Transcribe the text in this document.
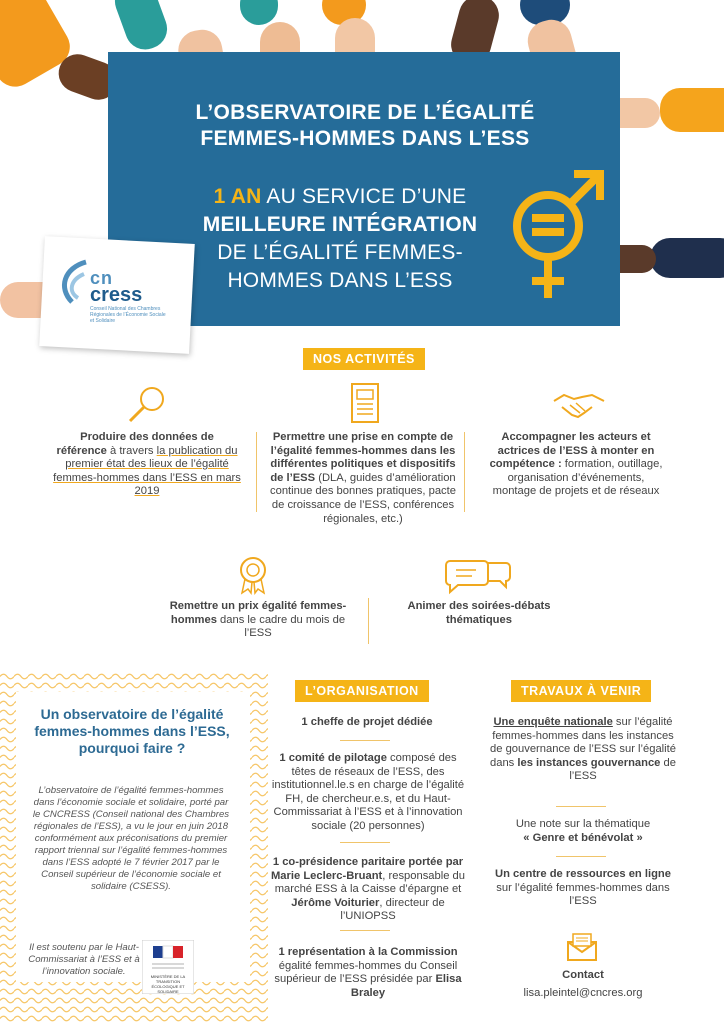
L’OBSERVATOIRE DE L’ÉGALITÉ
FEMMES-HOMMES DANS L’ESS
1 AN AU SERVICE D’UNE
MEILLEURE INTÉGRATION
DE L’ÉGALITÉ FEMMES-HOMMES DANS L’ESS
cn
cress
Conseil National des Chambres Régionales de l’Économie Sociale et Solidaire
NOS ACTIVITÉS
Produire des données de
référence à travers la publication du premier état des lieux de l’égalité femmes-hommes dans l’ESS en mars 2019
Permettre une prise en compte de l’égalité femmes-hommes dans les différentes politiques et dispositifs de l’ESS (DLA, guides d’amélioration continue des bonnes pratiques, pacte de croissance de l’ESS, conférences régionales, etc.)
Accompagner les acteurs et actrices de l’ESS à monter en compétence : formation, outillage, organisation d’événements, montage de projets et de réseaux
Remettre un prix égalité femmes-hommes dans le cadre du mois de l’ESS
Animer des soirées-débats thématiques
Un observatoire de l’égalité femmes-hommes dans l’ESS, pourquoi faire ?
L’observatoire de l’égalité femmes-hommes dans l’économie sociale et solidaire, porté par le CNCRESS (Conseil national des Chambres régionales de l’ESS), a vu le jour en juin 2018 conformément aux préconisations du premier rapport triennal sur l’égalité femmes-hommes dans l’ESS adopté le 7 février 2017 par le Conseil supérieur de l’économie sociale et solidaire (CSESS).
Il est soutenu par le Haut-Commissariat à l’ESS et à l’innovation sociale.	MINISTÈRE DE LA TRANSITION ÉCOLOGIQUE ET SOLIDAIRE
L’ORGANISATION
1 cheffe de projet dédiée
1 comité de pilotage composé des têtes de réseaux de l’ESS, des institutionnel.le.s en charge de l’égalité FH, de chercheur.e.s, et du Haut-Commissariat à l’ESS et à l’innovation sociale (20 personnes)
1 co-présidence paritaire portée par Marie Leclerc-Bruant, responsable du marché ESS à la Caisse d’épargne et Jérôme Voiturier, directeur de l’UNIOPSS
1 représentation à la Commission égalité femmes-hommes du Conseil supérieur de l’ESS présidée par Elisa Braley
TRAVAUX À VENIR
Une enquête nationale sur l’égalité femmes-hommes dans les instances de gouvernance de l’ESS sur l’égalité dans les instances gouvernance de l’ESS
Une note sur la thématique
« Genre et bénévolat »
Un centre de ressources en ligne sur l’égalité femmes-hommes dans l’ESS
Contact
lisa.pleintel@cncres.org
